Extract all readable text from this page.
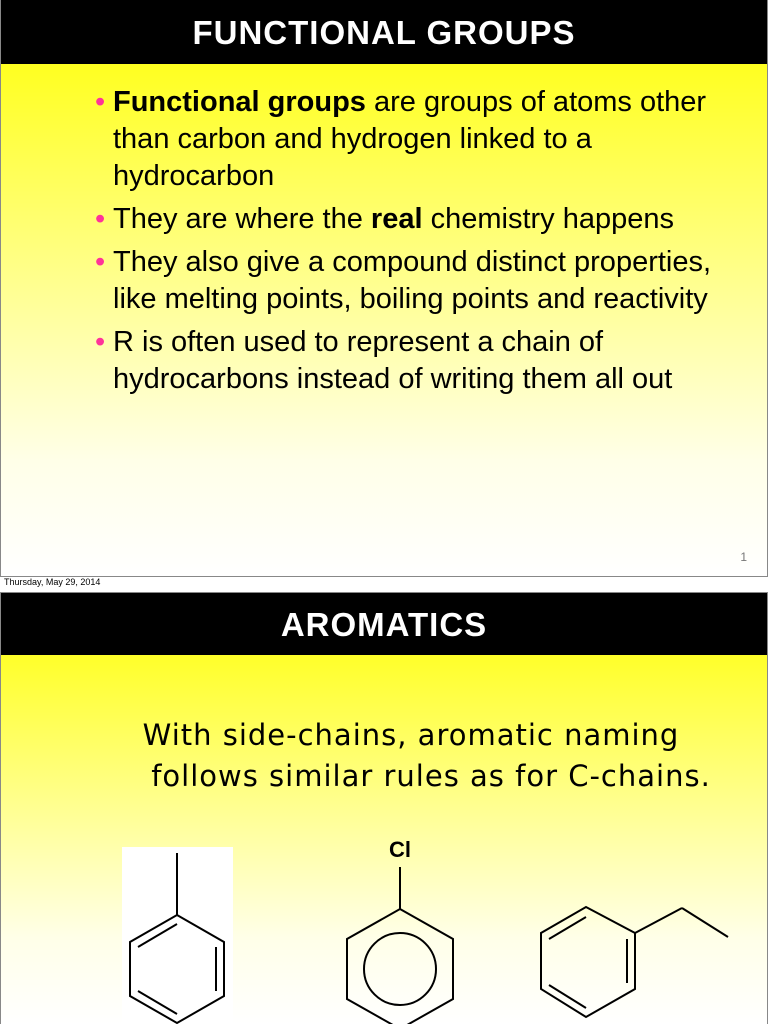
FUNCTIONAL GROUPS
• Functional groups are groups of atoms other than carbon and hydrogen linked to a hydrocarbon
• They are where the real chemistry happens
• They also give a compound distinct properties, like melting points, boiling points and reactivity
• R is often used to represent a chain of hydrocarbons instead of writing them all out
1
Thursday, May 29, 2014
AROMATICS
With side-chains, aromatic naming
follows similar rules as for C-chains.
Cl
